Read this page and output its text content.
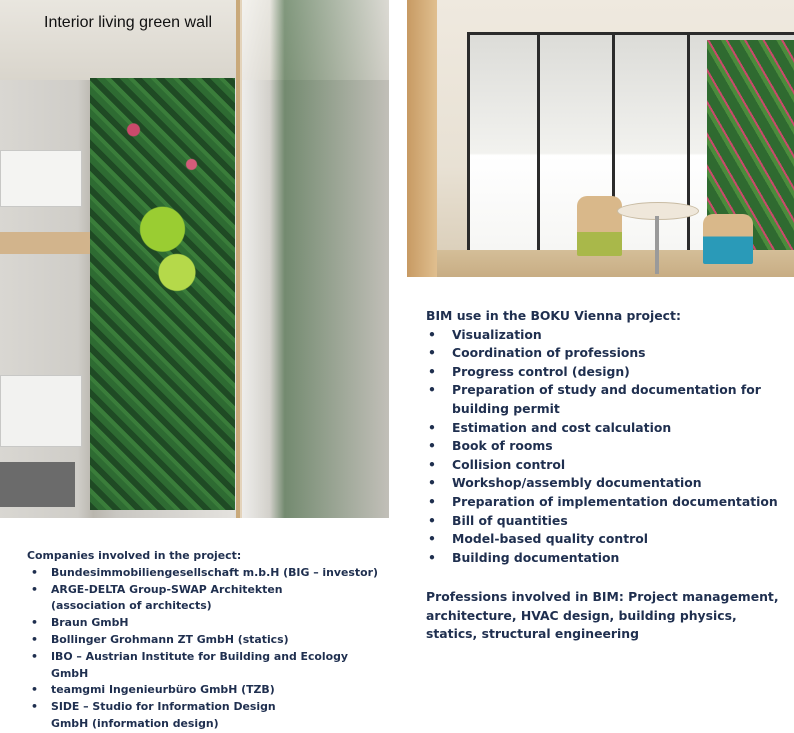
Interior living green wall

BIM use in the BOKU Vienna project:

• Visualization
• Coordination of professions
• Progress control (design)
• Preparation of study and documentation for building permit
• Estimation and cost calculation
• Book of rooms
• Collision control
• Workshop/assembly documentation
• Preparation of implementation documentation
• Bill of quantities
• Model-based quality control
• Building documentation

Professions involved in BIM: Project management, architecture, HVAC design, building physics, statics, structural engineering

Companies involved in the project:

• Bundesimmobiliengesellschaft m.b.H (BIG – investor)
• ARGE-DELTA Group-SWAP Architekten (association of architects)
• Braun GmbH
• Bollinger Grohmann ZT GmbH (statics)
• IBO – Austrian Institute for Building and Ecology GmbH
• teamgmi Ingenieurbüro GmbH (TZB)
• SIDE – Studio for Information Design GmbH (information design)
